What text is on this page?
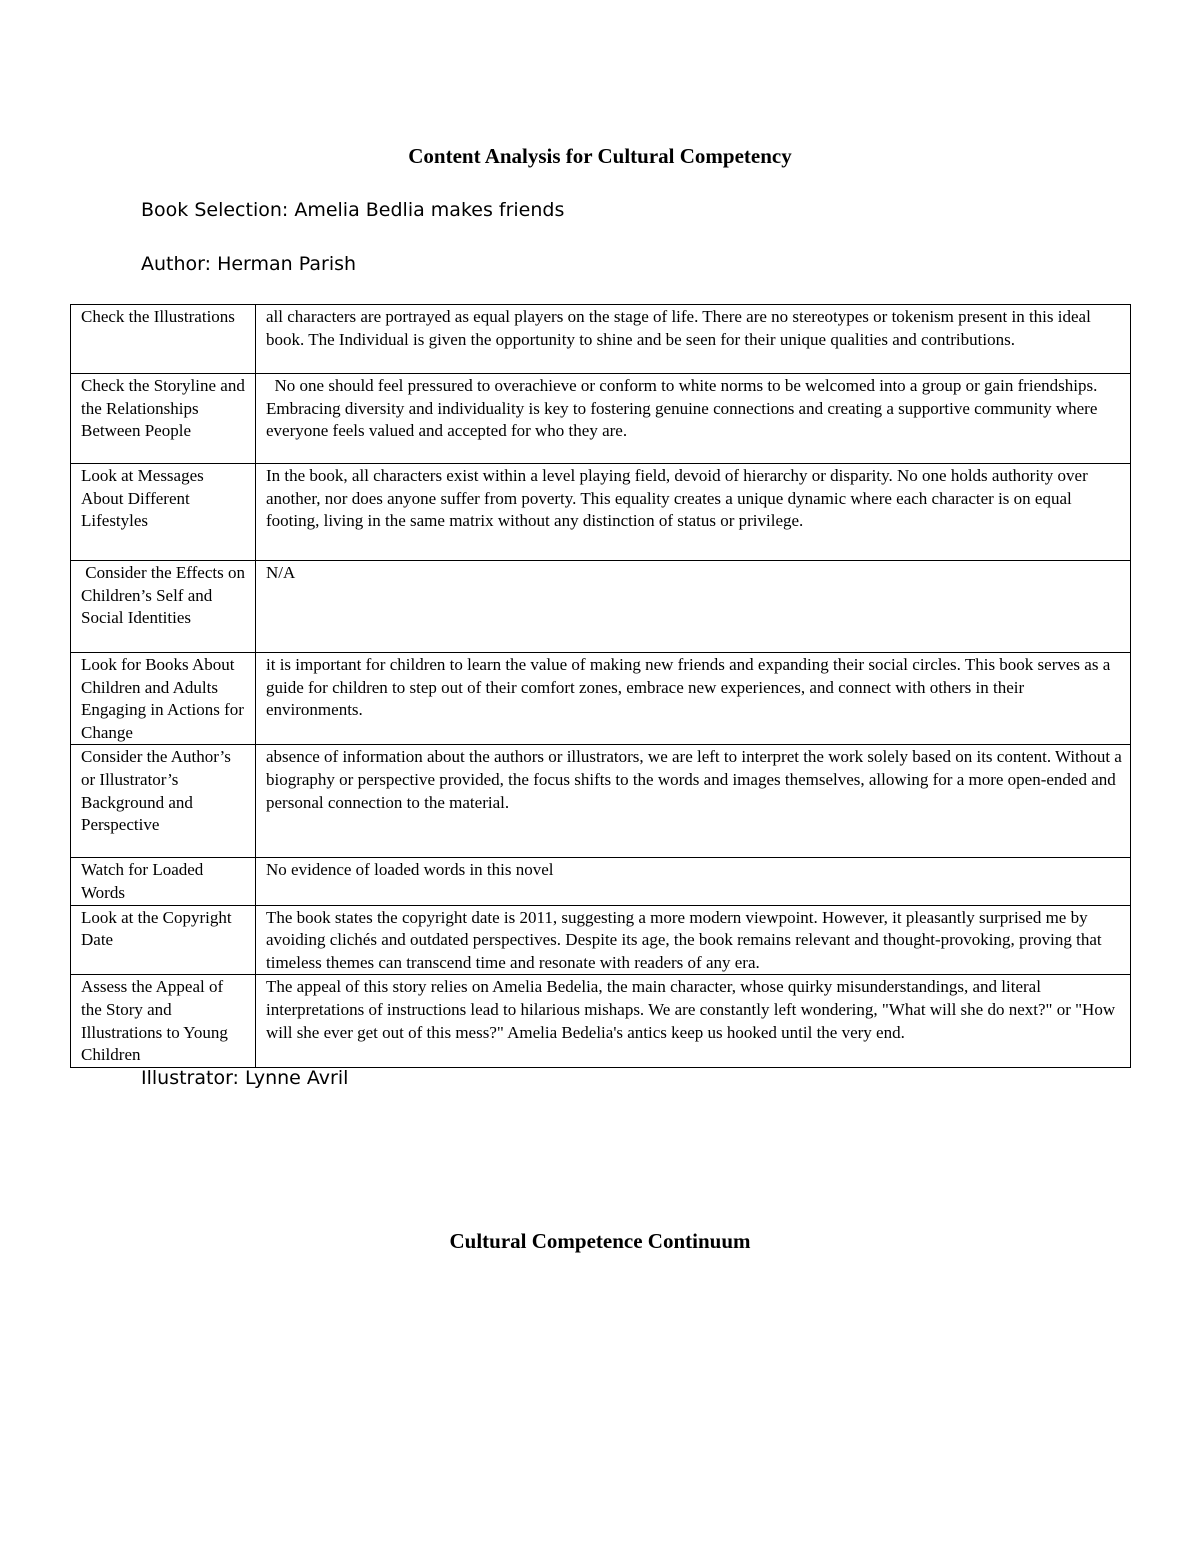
Content Analysis for Cultural Competency
Book Selection: Amelia Bedlia makes friends
Author: Herman Parish
Check the Illustrations	all characters are portrayed as equal players on the stage of life. There are no stereotypes or tokenism present in this ideal book. The Individual is given the opportunity to shine and be seen for their unique qualities and contributions.
Check the Storyline and the Relationships Between People	No one should feel pressured to overachieve or conform to white norms to be welcomed into a group or gain friendships. Embracing diversity and individuality is key to fostering genuine connections and creating a supportive community where everyone feels valued and accepted for who they are.
Look at Messages About Different Lifestyles	In the book, all characters exist within a level playing field, devoid of hierarchy or disparity. No one holds authority over another, nor does anyone suffer from poverty. This equality creates a unique dynamic where each character is on equal footing, living in the same matrix without any distinction of status or privilege.
Consider the Effects on Children’s Self and Social Identities	N/A
Look for Books About Children and Adults Engaging in Actions for Change	it is important for children to learn the value of making new friends and expanding their social circles. This book serves as a guide for children to step out of their comfort zones, embrace new experiences, and connect with others in their environments.
Consider the Author’s or Illustrator’s Background and Perspective	absence of information about the authors or illustrators, we are left to interpret the work solely based on its content. Without a biography or perspective provided, the focus shifts to the words and images themselves, allowing for a more open-ended and personal connection to the material.
Watch for Loaded Words	No evidence of loaded words in this novel
Look at the Copyright Date	The book states the copyright date is 2011, suggesting a more modern viewpoint. However, it pleasantly surprised me by avoiding clichés and outdated perspectives. Despite its age, the book remains relevant and thought-provoking, proving that timeless themes can transcend time and resonate with readers of any era.
Assess the Appeal of the Story and Illustrations to Young Children	The appeal of this story relies on Amelia Bedelia, the main character, whose quirky misunderstandings, and literal interpretations of instructions lead to hilarious mishaps. We are constantly left wondering, "What will she do next?" or "How will she ever get out of this mess?" Amelia Bedelia's antics keep us hooked until the very end.
Illustrator: Lynne Avril
Cultural Competence Continuum
